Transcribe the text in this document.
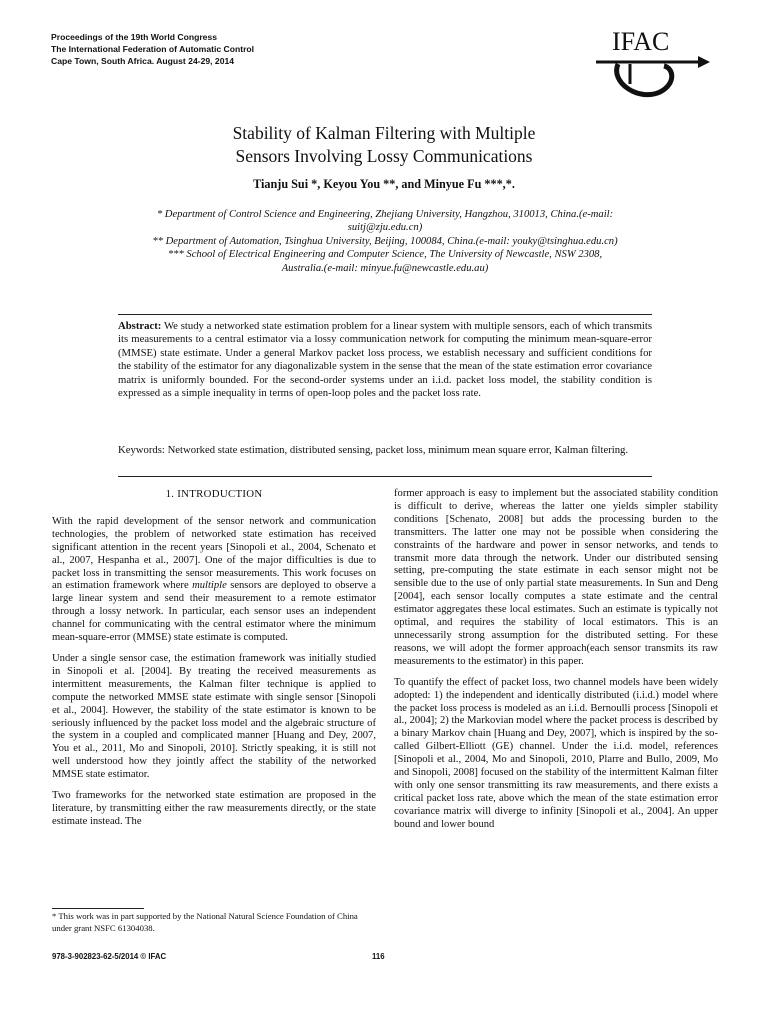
Proceedings of the 19th World Congress
The International Federation of Automatic Control
Cape Town, South Africa. August 24-29, 2014
IFAC
Stability of Kalman Filtering with Multiple
Sensors Involving Lossy Communications
Tianju Sui *, Keyou You **, and Minyue Fu ***,*.
* Department of Control Science and Engineering, Zhejiang University, Hangzhou, 310013, China.(e-mail: suitj@zju.edu.cn)
** Department of Automation, Tsinghua University, Beijing, 100084, China.(e-mail: youky@tsinghua.edu.cn)
*** School of Electrical Engineering and Computer Science, The University of Newcastle, NSW 2308, Australia.(e-mail: minyue.fu@newcastle.edu.au)
Abstract: We study a networked state estimation problem for a linear system with multiple sensors, each of which transmits its measurements to a central estimator via a lossy communication network for computing the minimum mean-square-error (MMSE) state estimate. Under a general Markov packet loss process, we establish necessary and sufficient conditions for the stability of the estimator for any diagonalizable system in the sense that the mean of the state estimation error covariance matrix is uniformly bounded. For the second-order systems under an i.i.d. packet loss model, the stability condition is expressed as a simple inequality in terms of open-loop poles and the packet loss rate.
Keywords: Networked state estimation, distributed sensing, packet loss, minimum mean square error, Kalman filtering.

1. INTRODUCTION

With the rapid development of the sensor network and communication technologies, the problem of networked state estimation has received significant attention in the recent years [Sinopoli et al., 2004, Schenato et al., 2007, Hespanha et al., 2007]. One of the major difficulties is due to packet loss in transmitting the sensor measurements. This work focuses on an estimation framework where multiple sensors are deployed to observe a large linear system and send their measurement to a remote estimator through a lossy network. In particular, each sensor uses an independent channel for communicating with the central estimator where the minimum mean-square-error (MMSE) state estimate is computed.

Under a single sensor case, the estimation framework was initially studied in Sinopoli et al. [2004]. By treating the received measurements as intermittent measurements, the Kalman filter technique is applied to compute the networked MMSE state estimate with single sensor [Sinopoli et al., 2004]. However, the stability of the state estimator is known to be seriously influenced by the packet loss model and the algebraic structure of the system in a coupled and complicated manner [Huang and Dey, 2007, You et al., 2011, Mo and Sinopoli, 2010]. Strictly speaking, it is still not well understood how they jointly affect the stability of the networked MMSE state estimator.

Two frameworks for the networked state estimation are proposed in the literature, by transmitting either the raw measurements directly, or the state estimate instead. The

* This work was in part supported by the National Natural Science Foundation of China under grant NSFC 61304038.

former approach is easy to implement but the associated stability condition is difficult to derive, whereas the latter one yields simpler stability conditions [Schenato, 2008] but adds the processing burden to the transmitters. The latter one may not be possible when considering the constraints of the hardware and power in sensor networks, and tends to transmit more data through the network. Under our distributed sensing setting, pre-computing the state estimate in each sensor might not be sensible due to the use of only partial state measurements. In Sun and Deng [2004], each sensor locally computes a state estimate and the central estimator aggregates these local estimates. Such an estimate is typically not optimal, and requires the stability of local estimators. This is an unnecessarily strong assumption for the distributed setting. For these reasons, we will adopt the former approach(each sensor transmits its raw measurements to the estimator) in this paper.

To quantify the effect of packet loss, two channel models have been widely adopted: 1) the independent and identically distributed (i.i.d.) model where the packet loss process is modeled as an i.i.d. Bernoulli process [Sinopoli et al., 2004]; 2) the Markovian model where the packet process is described by a binary Markov chain [Huang and Dey, 2007], which is inspired by the so-called Gilbert-Elliott (GE) channel. Under the i.i.d. model, references [Sinopoli et al., 2004, Mo and Sinopoli, 2010, Plarre and Bullo, 2009, Mo and Sinopoli, 2008] focused on the stability of the intermittent Kalman filter with only one sensor transmitting its raw measurements, and there exists a critical packet loss rate, above which the mean of the state estimation error covariance matrix will diverge to infinity [Sinopoli et al., 2004]. An upper bound and lower bound

978-3-902823-62-5/2014 © IFAC	116
